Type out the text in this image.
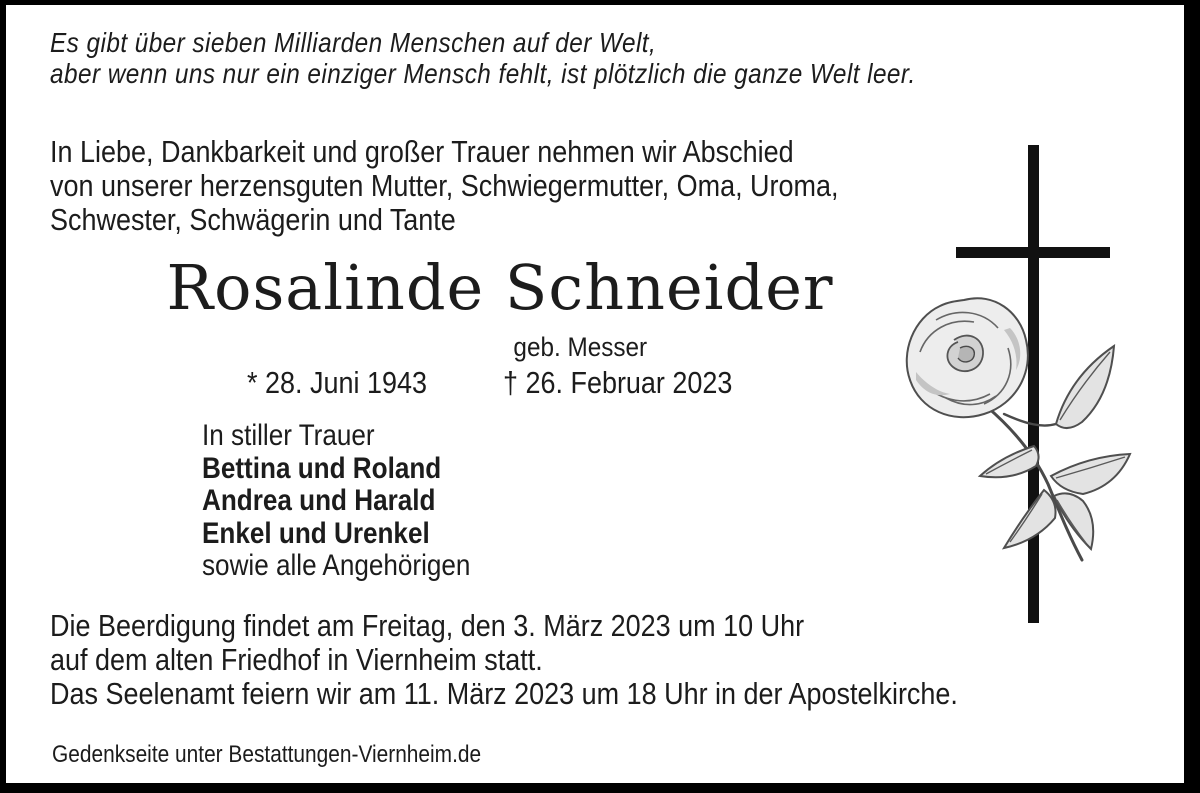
Es gibt über sieben Milliarden Menschen auf der Welt,
aber wenn uns nur ein einziger Mensch fehlt, ist plötzlich die ganze Welt leer.
In Liebe, Dankbarkeit und großer Trauer nehmen wir Abschied
von unserer herzensguten Mutter, Schwiegermutter, Oma, Uroma,
Schwester, Schwägerin und Tante
Rosalinde Schneider
geb. Messer
* 28. Juni 1943	† 26. Februar 2023
In stiller Trauer
Bettina und Roland
Andrea und Harald
Enkel und Urenkel
sowie alle Angehörigen
Die Beerdigung findet am Freitag, den 3. März 2023 um 10 Uhr
auf dem alten Friedhof in Viernheim statt.
Das Seelenamt feiern wir am 11. März 2023 um 18 Uhr in der Apostelkirche.
Gedenkseite unter Bestattungen-Viernheim.de
